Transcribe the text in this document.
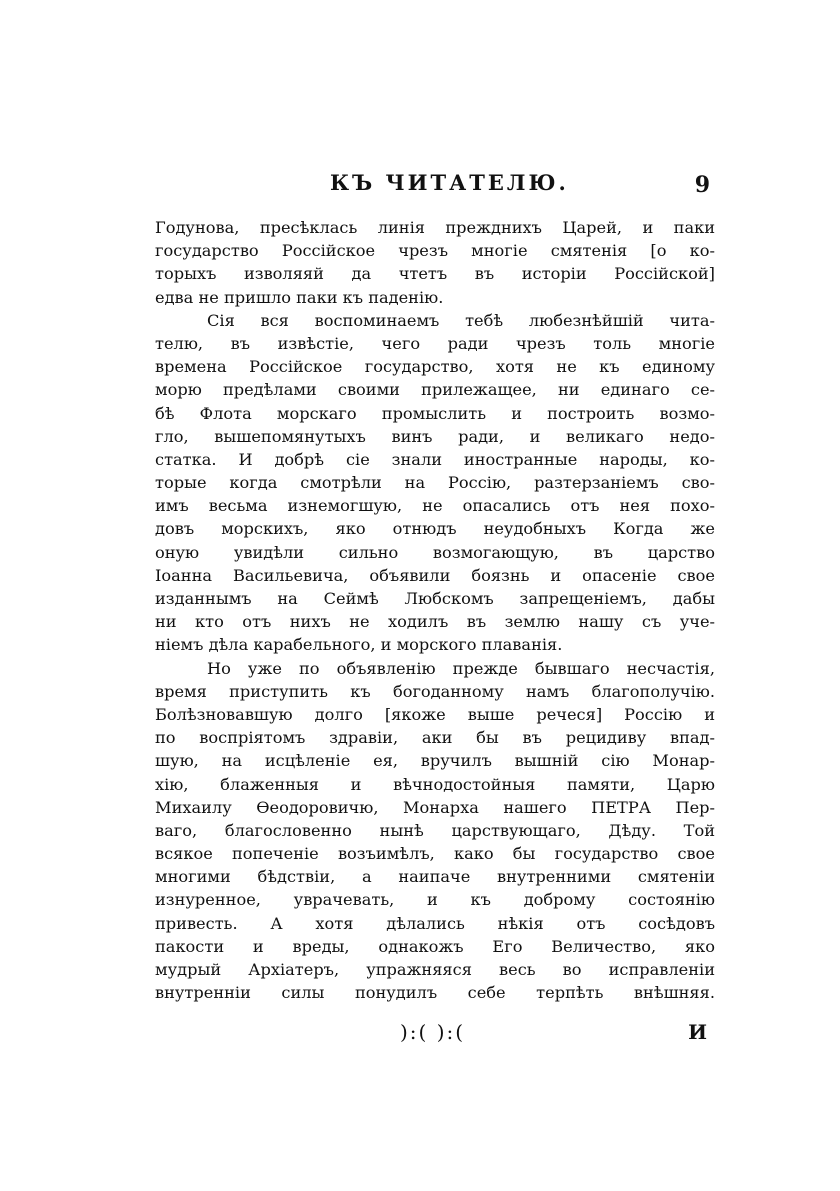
КЪ ЧИТАТЕЛЮ.	9
Годунова, пресѣклась линія прежднихъ Царей, и паки
государство Россійское чрезъ многіе смятенія [о ко-
торыхъ изволяяй да чтетъ въ исторіи Россійской]
едва не пришло паки къ паденію.
Сія вся воспоминаемъ тебѣ любезнѣйшій чита-
телю, въ извѣстіе, чего ради чрезъ толь многіе
времена Россійское государство, хотя не къ единому
морю предѣлами своими прилежащее, ни единаго се-
бѣ Флота морскаго промыслить и построить возмо-
гло, вышепомянутыхъ винъ ради, и великаго недо-
статка. И добрѣ сіе знали иностранные народы, ко-
торые когда смотрѣли на Россію, разтерзаніемъ сво-
имъ весьма изнемогшую, не опасались отъ нея похо-
довъ морскихъ, яко отнюдъ неудобныхъ Когда же
оную увидѣли сильно возмогающую, въ царство
Іоанна Васильевича, объявили боязнь и опасеніе свое
изданнымъ на Сеймѣ Любскомъ запрещеніемъ, дабы
ни кто отъ нихъ не ходилъ въ землю нашу съ уче-
ніемъ дѣла карабельного, и морского плаванія.
Но уже по объявленію прежде бывшаго несчастія,
время приступить къ богоданному намъ благополучію.
Болѣзновавшую долго [якоже выше речеся] Россію и
по воспріятомъ здравіи, аки бы въ рецидиву впад-
шую, на исцѣленіе ея, вручилъ вышній сію Монар-
хію, блаженныя и вѣчнодостойныя памяти, Царю
Михаилу Ѳеодоровичю, Монарха нашего ПЕТРА Пер-
ваго, благословенно нынѣ царствующаго, Дѣду. Той
всякое попеченіе возъимѣлъ, како бы государство свое
многими бѣдствіи, а наипаче внутренними смятеніи
изнуренное, уврачевать, и къ доброму состоянію
привесть. А хотя дѣлались нѣкія отъ сосѣдовъ
пакости и вреды, однакожъ Его Величество, яко
мудрый Архіатеръ, упражняяся весь во исправленіи
внутренніи силы понудилъ себе терпѣть внѣшняя.
):( ):(	И
